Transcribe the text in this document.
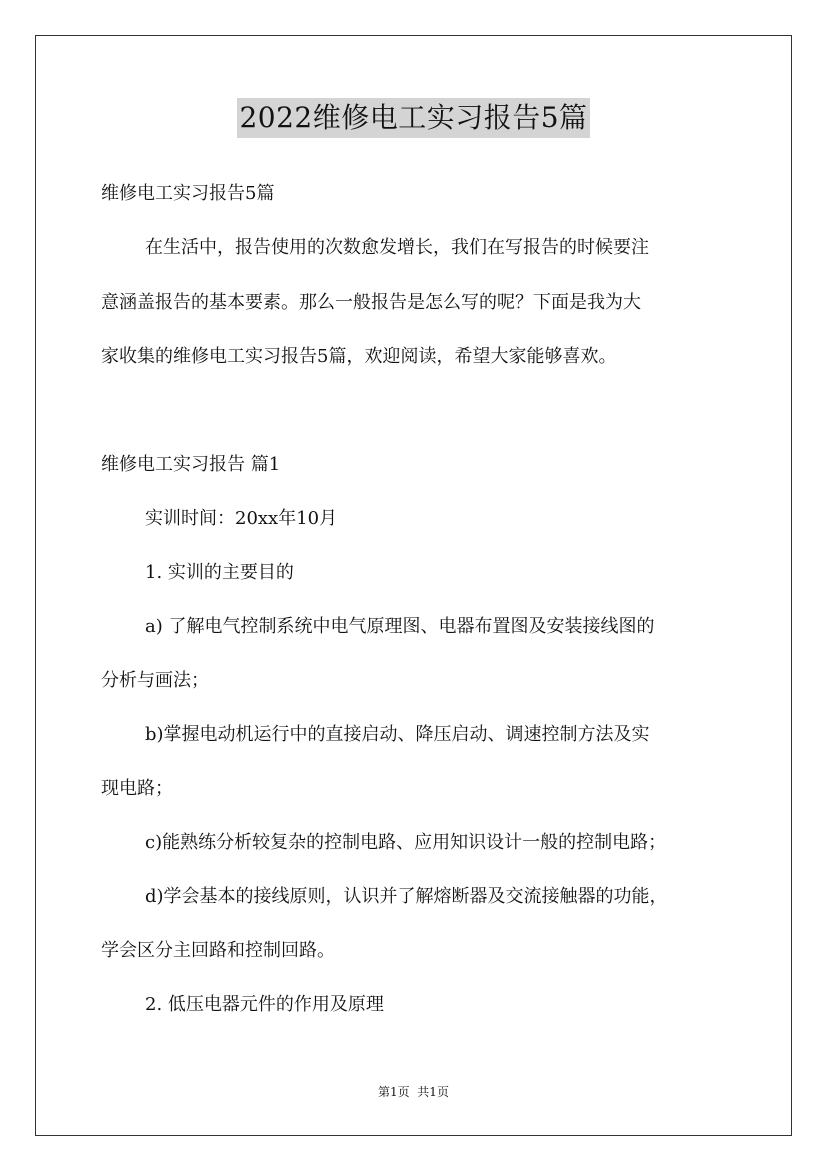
2022维修电工实习报告5篇
维修电工实习报告5篇
在生活中，报告使用的次数愈发增长，我们在写报告的时候要注
意涵盖报告的基本要素。那么一般报告是怎么写的呢？下面是我为大
家收集的维修电工实习报告5篇，欢迎阅读，希望大家能够喜欢。
维修电工实习报告 篇1
实训时间：20xx年10月
1. 实训的主要目的
a) 了解电气控制系统中电气原理图、电器布置图及安装接线图的
分析与画法；
b)掌握电动机运行中的直接启动、降压启动、调速控制方法及实
现电路；
c)能熟练分析较复杂的控制电路、应用知识设计一般的控制电路；
d)学会基本的接线原则，认识并了解熔断器及交流接触器的功能，
学会区分主回路和控制回路。
2. 低压电器元件的作用及原理
第1页  共1页
